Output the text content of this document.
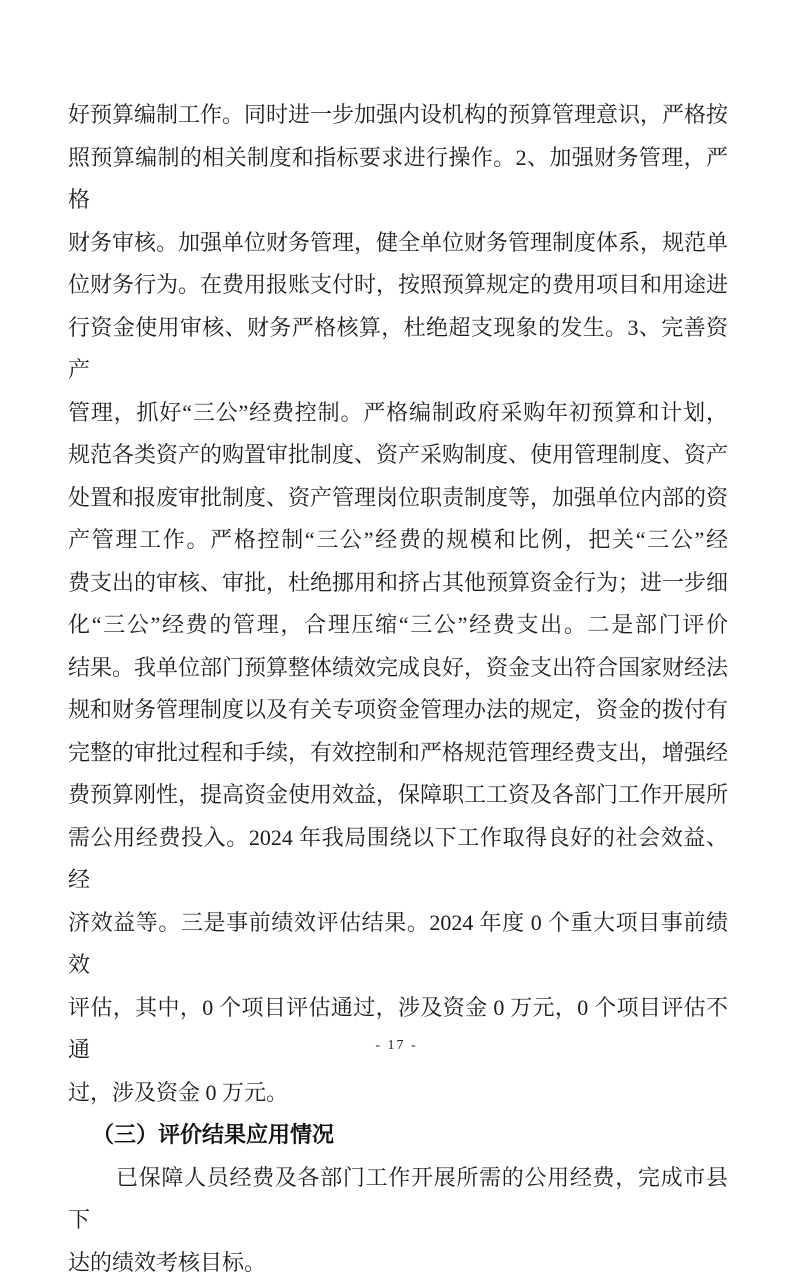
好预算编制工作。同时进一步加强内设机构的预算管理意识，严格按
照预算编制的相关制度和指标要求进行操作。2、加强财务管理，严格
财务审核。加强单位财务管理，健全单位财务管理制度体系，规范单
位财务行为。在费用报账支付时，按照预算规定的费用项目和用途进
行资金使用审核、财务严格核算，杜绝超支现象的发生。3、完善资产
管理，抓好“三公”经费控制。严格编制政府采购年初预算和计划，
规范各类资产的购置审批制度、资产采购制度、使用管理制度、资产
处置和报废审批制度、资产管理岗位职责制度等，加强单位内部的资
产管理工作。严格控制“三公”经费的规模和比例，把关“三公”经
费支出的审核、审批，杜绝挪用和挤占其他预算资金行为；进一步细
化“三公”经费的管理，合理压缩“三公”经费支出。二是部门评价
结果。我单位部门预算整体绩效完成良好，资金支出符合国家财经法
规和财务管理制度以及有关专项资金管理办法的规定，资金的拨付有
完整的审批过程和手续，有效控制和严格规范管理经费支出，增强经
费预算刚性，提高资金使用效益，保障职工工资及各部门工作开展所
需公用经费投入。2024 年我局围绕以下工作取得良好的社会效益、经
济效益等。三是事前绩效评估结果。2024 年度 0 个重大项目事前绩效
评估，其中，0 个项目评估通过，涉及资金 0 万元，0 个项目评估不通
过，涉及资金 0 万元。
（三）评价结果应用情况
已保障人员经费及各部门工作开展所需的公用经费，完成市县下
达的绩效考核目标。
- 17 -
